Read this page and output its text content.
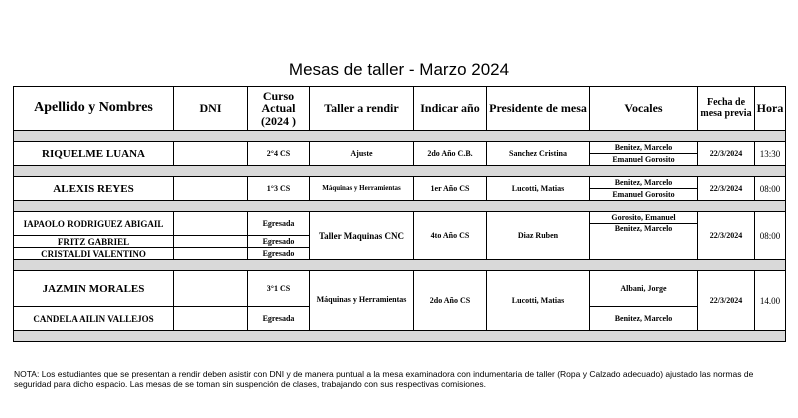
Mesas de taller - Marzo 2024
Apellido y Nombres	DNI	Curso Actual (2024 )	Taller a rendir	Indicar año	Presidente de mesa	Vocales	Fecha de mesa previa	Hora

RIQUELME LUANA		2°4 CS	Ajuste	2do Año C.B.	Sanchez Cristina	Benitez, Marcelo	22/3/2024	13:30
						Emanuel Gorosito		

ALEXIS REYES		1°3 CS	Máquinas y Herramientas	1er Año CS	Lucotti, Matias	Benitez, Marcelo	22/3/2024	08:00
						Emanuel Gorosito		

IAPAOLO RODRIGUEZ ABIGAIL		Egresada	Taller Maquinas CNC	4to Año CS	Diaz Ruben	Gorosito, Emanuel	22/3/2024	08:00
						Benitez, Marcelo		
FRITZ GABRIEL		Egresado						
CRISTALDI VALENTINO		Egresado						

JAZMIN MORALES		3°1 CS	Máquinas y Herramientas	2do Año CS	Lucotti, Matias	Albani, Jorge	22/3/2024	14.00
CANDELA AILIN VALLEJOS		Egresada				Benitez, Marcelo		

NOTA: Los estudiantes que se presentan a rendir deben asistir con DNI y de manera puntual a la mesa examinadora con indumentaria de taller (Ropa y Calzado adecuado) ajustado las normas de seguridad para dicho espacio. Las mesas de se toman sin suspención de clases, trabajando con sus respectivas comisiones.
